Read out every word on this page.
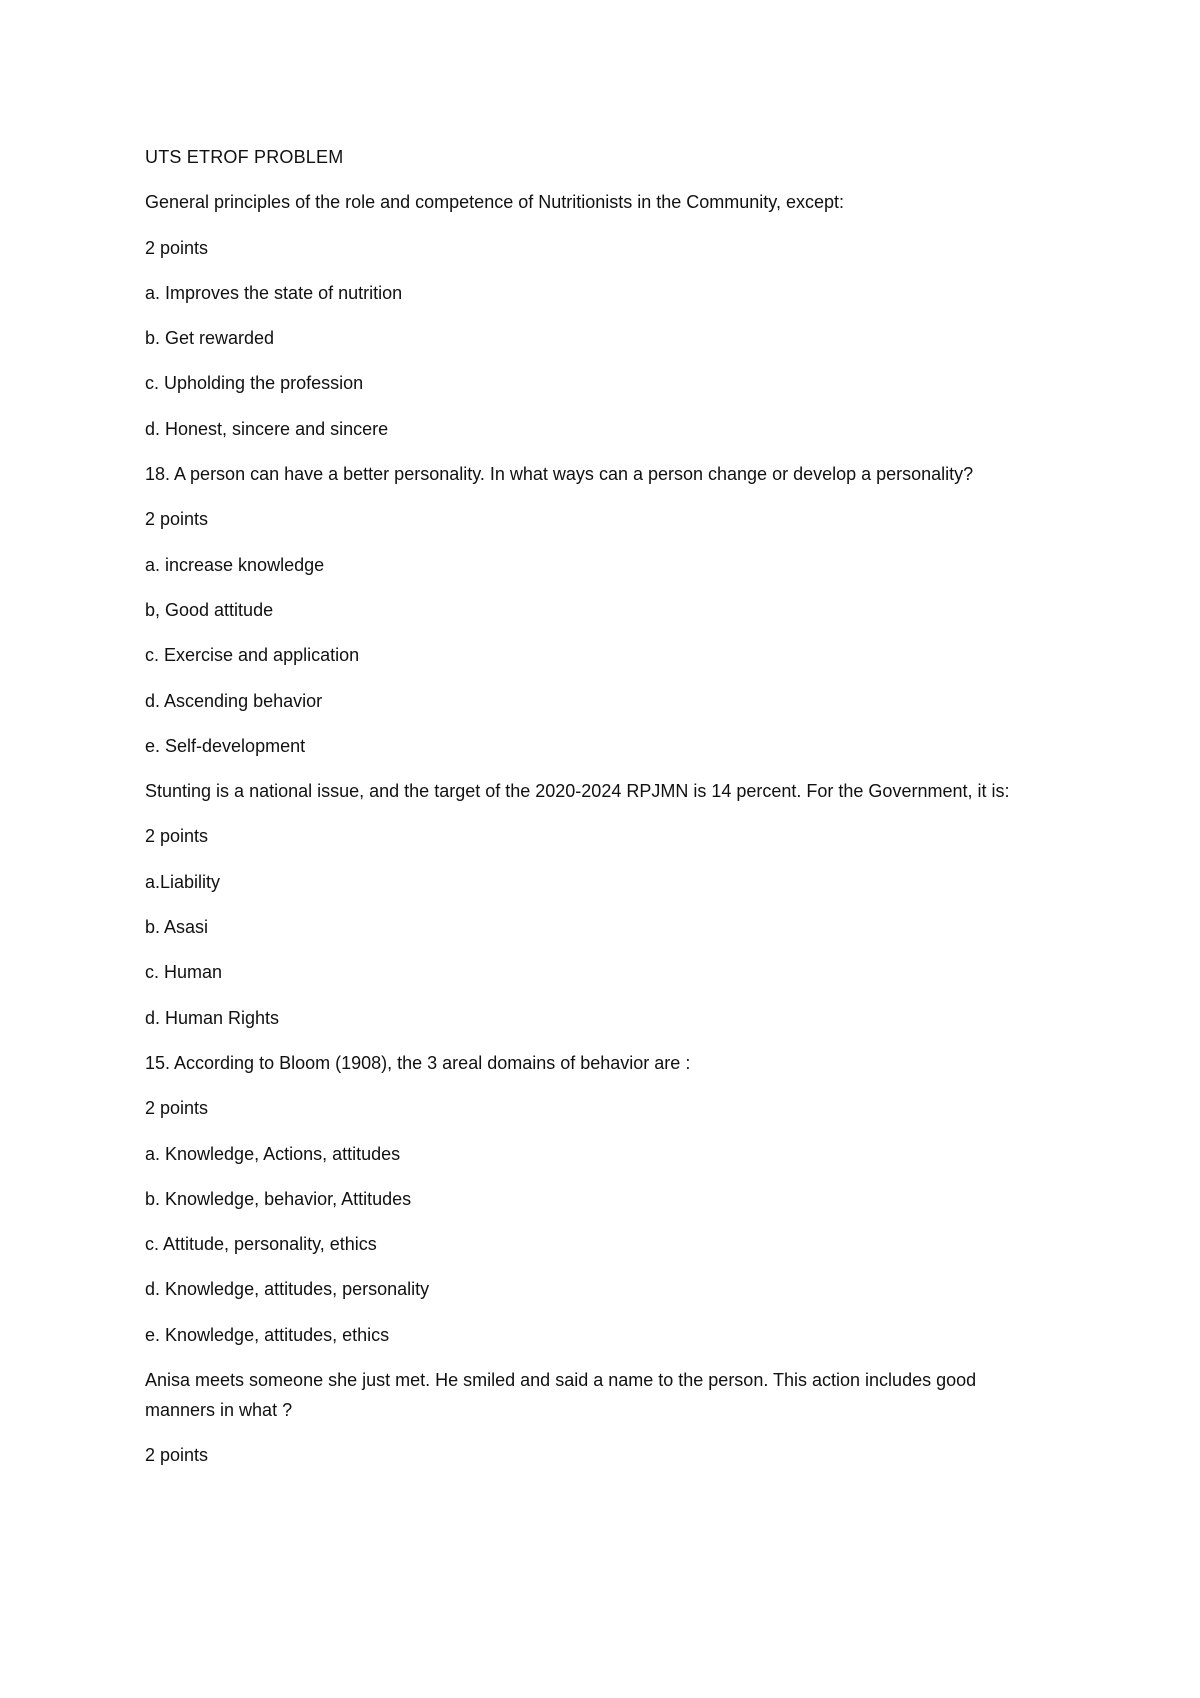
UTS ETROF PROBLEM
General principles of the role and competence of Nutritionists in the Community, except:
2 points
a. Improves the state of nutrition
b. Get rewarded
c. Upholding the profession
d. Honest, sincere and sincere
18. A person can have a better personality. In what ways can a person change or develop a personality?
2 points
a. increase knowledge
b, Good attitude
c. Exercise and application
d. Ascending behavior
e. Self-development
Stunting is a national issue, and the target of the 2020-2024 RPJMN is 14 percent. For the Government, it is:
2 points
a.Liability
b. Asasi
c. Human
d. Human Rights
15. According to Bloom (1908), the 3 areal domains of behavior are :
2 points
a. Knowledge, Actions, attitudes
b. Knowledge, behavior, Attitudes
c. Attitude, personality, ethics
d. Knowledge, attitudes, personality
e. Knowledge, attitudes, ethics
Anisa meets someone she just met. He smiled and said a name to the person. This action includes good manners in what ?
2 points
